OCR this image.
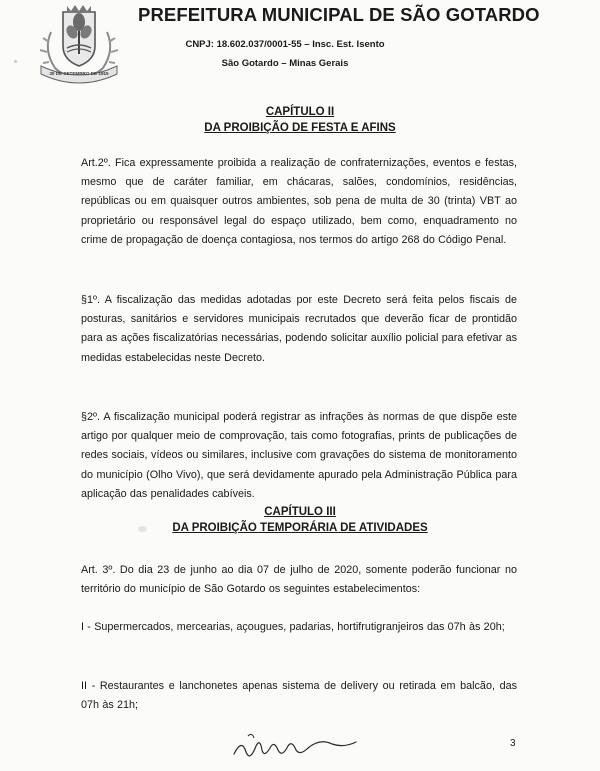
30 DE SETEMBRO DE 1915
PREFEITURA MUNICIPAL DE SÃO GOTARDO
CNPJ: 18.602.037/0001-55 – Insc. Est. Isento
São Gotardo – Minas Gerais
CAPÍTULO II
DA PROIBIÇÃO DE FESTA E AFINS

Art.2º. Fica expressamente proibida a realização de confraternizações, eventos e festas, mesmo que de caráter familiar, em chácaras, salões, condomínios, residências, repúblicas ou em quaisquer outros ambientes, sob pena de multa de 30 (trinta) VBT ao proprietário ou responsável legal do espaço utilizado, bem como, enquadramento no crime de propagação de doença contagiosa, nos termos do artigo 268 do Código Penal.

§1º. A fiscalização das medidas adotadas por este Decreto será feita pelos fiscais de posturas, sanitários e servidores municipais recrutados que deverão ficar de prontidão para as ações fiscalizatórias necessárias, podendo solicitar auxílio policial para efetivar as medidas estabelecidas neste Decreto.

§2º. A fiscalização municipal poderá registrar as infrações às normas de que dispõe este artigo por qualquer meio de comprovação, tais como fotografias, prints de publicações de redes sociais, vídeos ou similares, inclusive com gravações do sistema de monitoramento do município (Olho Vivo), que será devidamente apurado pela Administração Pública para aplicação das penalidades cabíveis.

CAPÍTULO III
DA PROIBIÇÃO TEMPORÁRIA DE ATIVIDADES

Art. 3º. Do dia 23 de junho ao dia 07 de julho de 2020, somente poderão funcionar no território do município de São Gotardo os seguintes estabelecimentos:

I - Supermercados, mercearias, açougues, padarias, hortifrutigranjeiros das 07h às 20h;

II - Restaurantes e lanchonetes apenas sistema de delivery ou retirada em balcão, das 07h às 21h;

3
